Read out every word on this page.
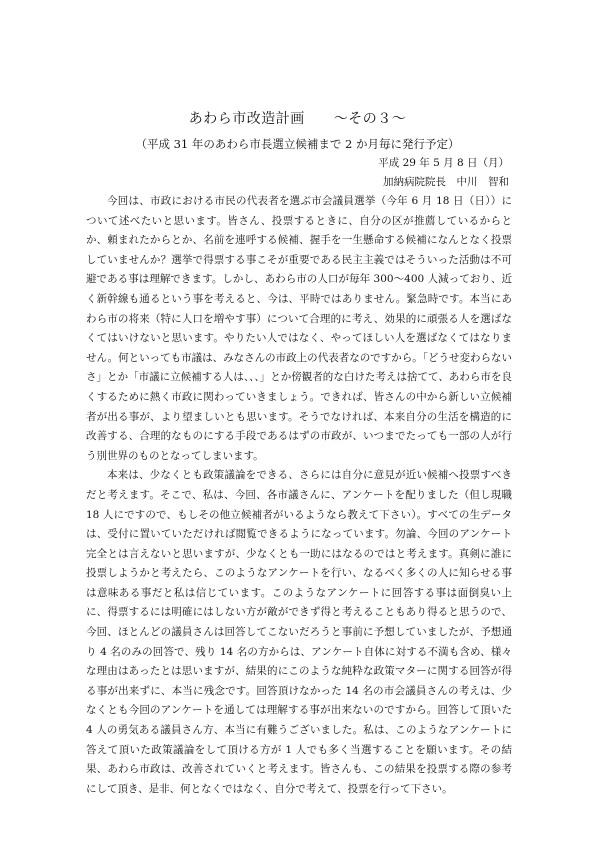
あわら市改造計画　　～その３～
（平成 31 年のあわら市長選立候補まで 2 か月毎に発行予定）
平成 29 年 5 月 8 日（月）
加納病院院長　中川　智和

今回は、市政における市民の代表者を選ぶ市会議員選挙（今年 6 月 18 日（日））について述べたいと思います。皆さん、投票するときに、自分の区が推薦しているからとか、頼まれたからとか、名前を連呼する候補、握手を一生懸命する候補になんとなく投票していませんか？選挙で得票する事こそが重要である民主主義ではそういった活動は不可避である事は理解できます。しかし、あわら市の人口が毎年 300～400 人減っており、近く新幹線も通るという事を考えると、今は、平時ではありません。緊急時です。本当にあわら市の将来（特に人口を増やす事）について合理的に考え、効果的に頑張る人を選ばなくてはいけないと思います。やりたい人ではなく、やってほしい人を選ばなくてはなりません。何といっても市議は、みなさんの市政上の代表者なのですから。「どうせ変わらないさ」とか「市議に立候補する人は、、、」とか傍観者的な白けた考えは捨てて、あわら市を良くするために熱く市政に関わっていきましょう。できれば、皆さんの中から新しい立候補者が出る事が、より望ましいとも思います。そうでなければ、本来自分の生活を構造的に改善する、合理的なものにする手段であるはずの市政が、いつまでたっても一部の人が行う別世界のものとなってしまいます。

本来は、少なくとも政策議論をできる、さらには自分に意見が近い候補へ投票すべきだと考えます。そこで、私は、今回、各市議さんに、アンケートを配りました（但し現職 18 人にですので、もしその他立候補者がいるようなら教えて下さい）。すべての生データは、受付に置いていただければ閲覧できるようになっています。勿論、今回のアンケート完全とは言えないと思いますが、少なくとも一助にはなるのではと考えます。真剣に誰に投票しようかと考えたら、このようなアンケートを行い、なるべく多くの人に知らせる事は意味ある事だと私は信じています。このようなアンケートに回答する事は面倒臭い上に、得票するには明確にはしない方が敵ができず得と考えることもあり得ると思うので、今回、ほとんどの議員さんは回答してこないだろうと事前に予想していましたが、予想通り 4 名のみの回答で、残り 14 名の方からは、アンケート自体に対する不満も含め、様々な理由はあったとは思いますが、結果的にこのような純粋な政策マターに関する回答が得る事が出来ずに、本当に残念です。回答頂けなかった 14 名の市会議員さんの考えは、少なくとも今回のアンケートを通しては理解する事が出来ないのですから。回答して頂いた 4 人の勇気ある議員さん方、本当に有難うございました。私は、このようなアンケートに答えて頂いた政策議論をして頂ける方が 1 人でも多く当選することを願います。その結果、あわら市政は、改善されていくと考えます。皆さんも、この結果を投票する際の参考にして頂き、是非、何となくではなく、自分で考えて、投票を行って下さい。
